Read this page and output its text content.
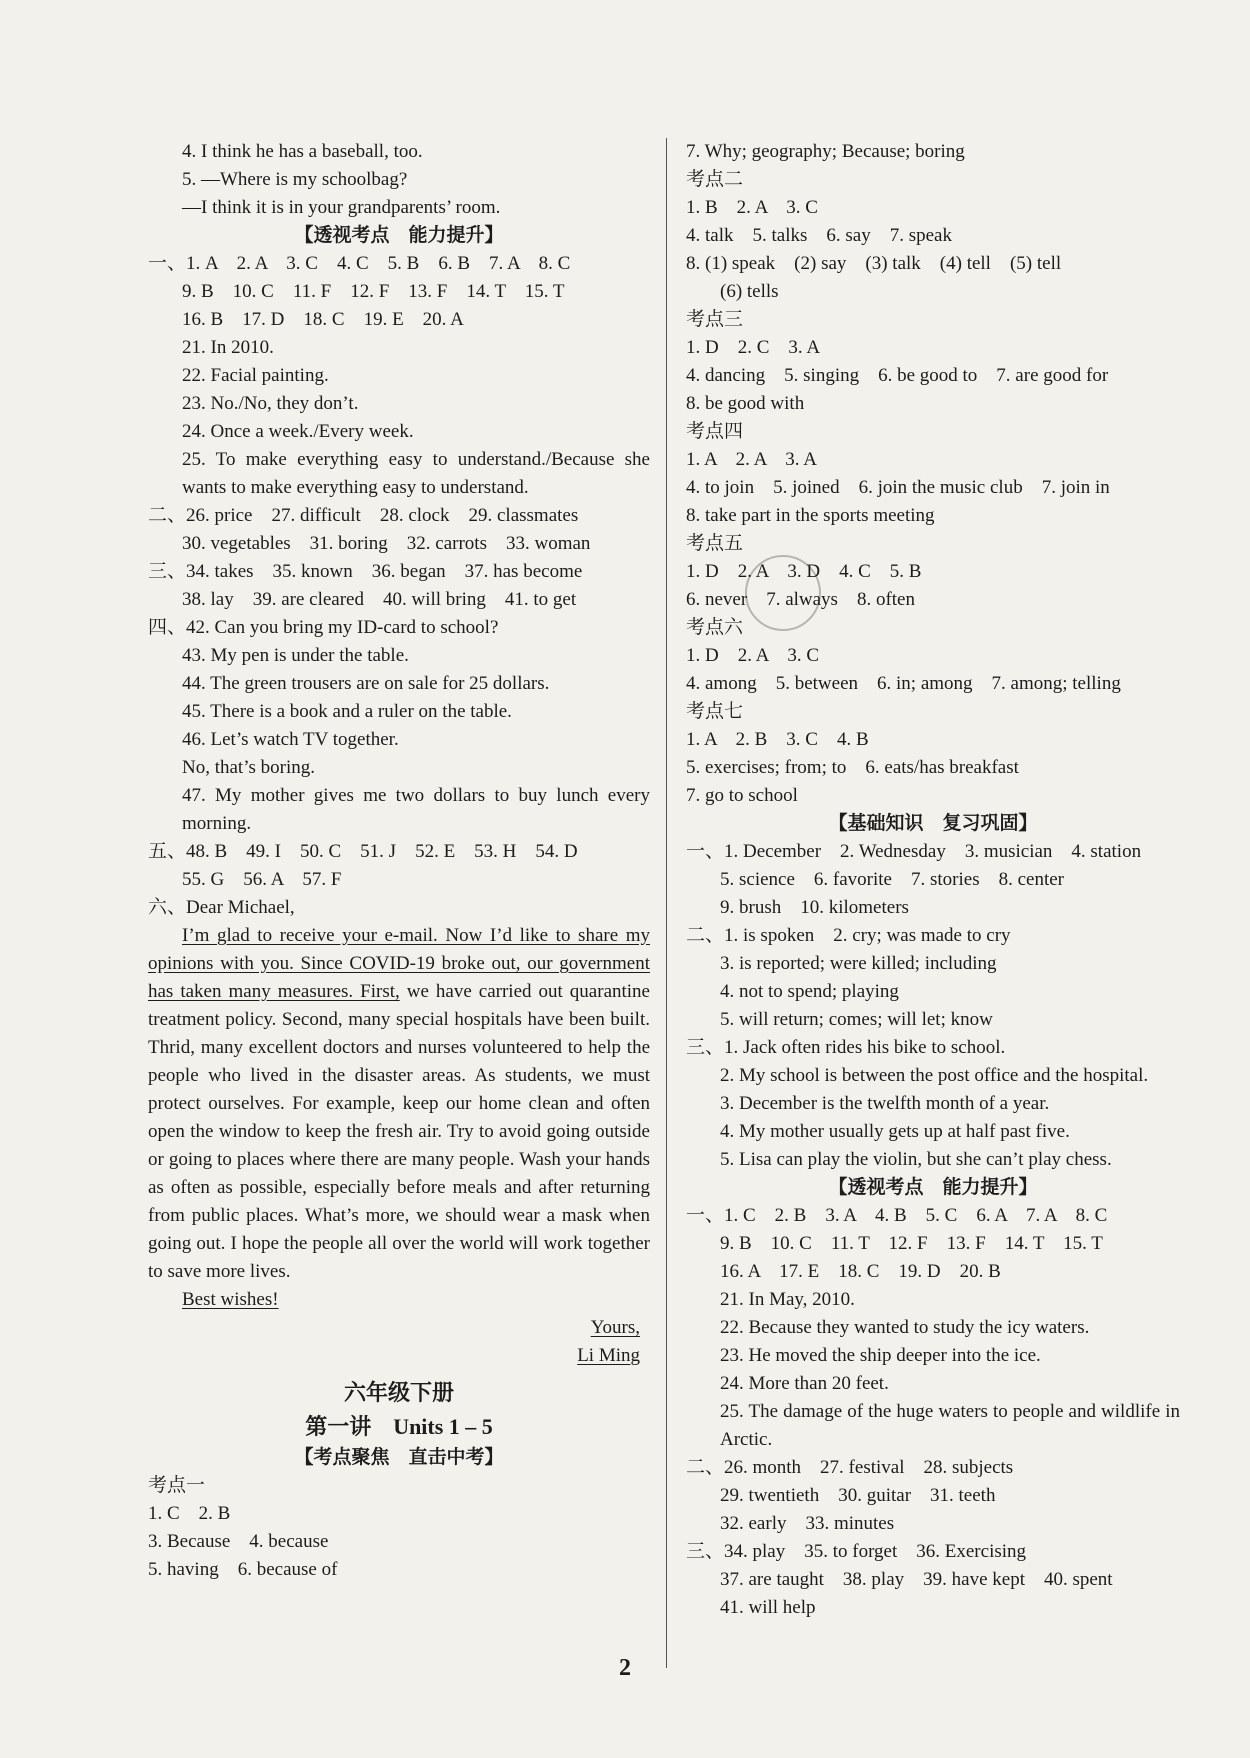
4. I think he has a baseball, too.
5. —Where is my schoolbag?
—I think it is in your grandparents’ room.
【透视考点　能力提升】
一、1. A　2. A　3. C　4. C　5. B　6. B　7. A　8. C
9. B　10. C　11. F　12. F　13. F　14. T　15. T
16. B　17. D　18. C　19. E　20. A
21. In 2010.
22. Facial painting.
23. No./No, they don’t.
24. Once a week./Every week.
25. To make everything easy to understand./Because she wants to make everything easy to understand.
二、26. price　27. difficult　28. clock　29. classmates
30. vegetables　31. boring　32. carrots　33. woman
三、34. takes　35. known　36. began　37. has become
38. lay　39. are cleared　40. will bring　41. to get
四、42. Can you bring my ID-card to school?
43. My pen is under the table.
44. The green trousers are on sale for 25 dollars.
45. There is a book and a ruler on the table.
46. Let’s watch TV together.
No, that’s boring.
47. My mother gives me two dollars to buy lunch every morning.
五、48. B　49. I　50. C　51. J　52. E　53. H　54. D
55. G　56. A　57. F
六、Dear Michael,

I’m glad to receive your e-mail. Now I’d like to share my opinions with you. Since COVID-19 broke out, our government has taken many measures. First, we have carried out quarantine treatment policy. Second, many special hospitals have been built. Thrid, many excellent doctors and nurses volunteered to help the people who lived in the disaster areas. As students, we must protect ourselves. For example, keep our home clean and often open the window to keep the fresh air. Try to avoid going outside or going to places where there are many people. Wash your hands as often as possible, especially before meals and after returning from public places. What’s more, we should wear a mask when going out. I hope the people all over the world will work together to save more lives.

Best wishes!

Yours,
Li Ming
六年级下册
第一讲　Units 1 – 5
【考点聚焦　直击中考】
考点一
1. C　2. B
3. Because　4. because
5. having　6. because of
7. Why; geography; Because; boring
考点二
1. B　2. A　3. C
4. talk　5. talks　6. say　7. speak
8. (1) speak　(2) say　(3) talk　(4) tell　(5) tell
(6) tells
考点三
1. D　2. C　3. A
4. dancing　5. singing　6. be good to　7. are good for
8. be good with
考点四
1. A　2. A　3. A
4. to join　5. joined　6. join the music club　7. join in
8. take part in the sports meeting
考点五
1. D　2. A　3. D　4. C　5. B
6. never　7. always　8. often
考点六
1. D　2. A　3. C
4. among　5. between　6. in; among　7. among; telling
考点七
1. A　2. B　3. C　4. B
5. exercises; from; to　6. eats/has breakfast
7. go to school
【基础知识　复习巩固】
一、1. December　2. Wednesday　3. musician　4. station
5. science　6. favorite　7. stories　8. center
9. brush　10. kilometers
二、1. is spoken　2. cry; was made to cry
3. is reported; were killed; including
4. not to spend; playing
5. will return; comes; will let; know
三、1. Jack often rides his bike to school.
2. My school is between the post office and the hospital.
3. December is the twelfth month of a year.
4. My mother usually gets up at half past five.
5. Lisa can play the violin, but she can’t play chess.
【透视考点　能力提升】
一、1. C　2. B　3. A　4. B　5. C　6. A　7. A　8. C
9. B　10. C　11. T　12. F　13. F　14. T　15. T
16. A　17. E　18. C　19. D　20. B
21. In May, 2010.
22. Because they wanted to study the icy waters.
23. He moved the ship deeper into the ice.
24. More than 20 feet.
25. The damage of the huge waters to people and wildlife in Arctic.
二、26. month　27. festival　28. subjects
29. twentieth　30. guitar　31. teeth
32. early　33. minutes
三、34. play　35. to forget　36. Exercising
37. are taught　38. play　39. have kept　40. spent
41. will help
2
